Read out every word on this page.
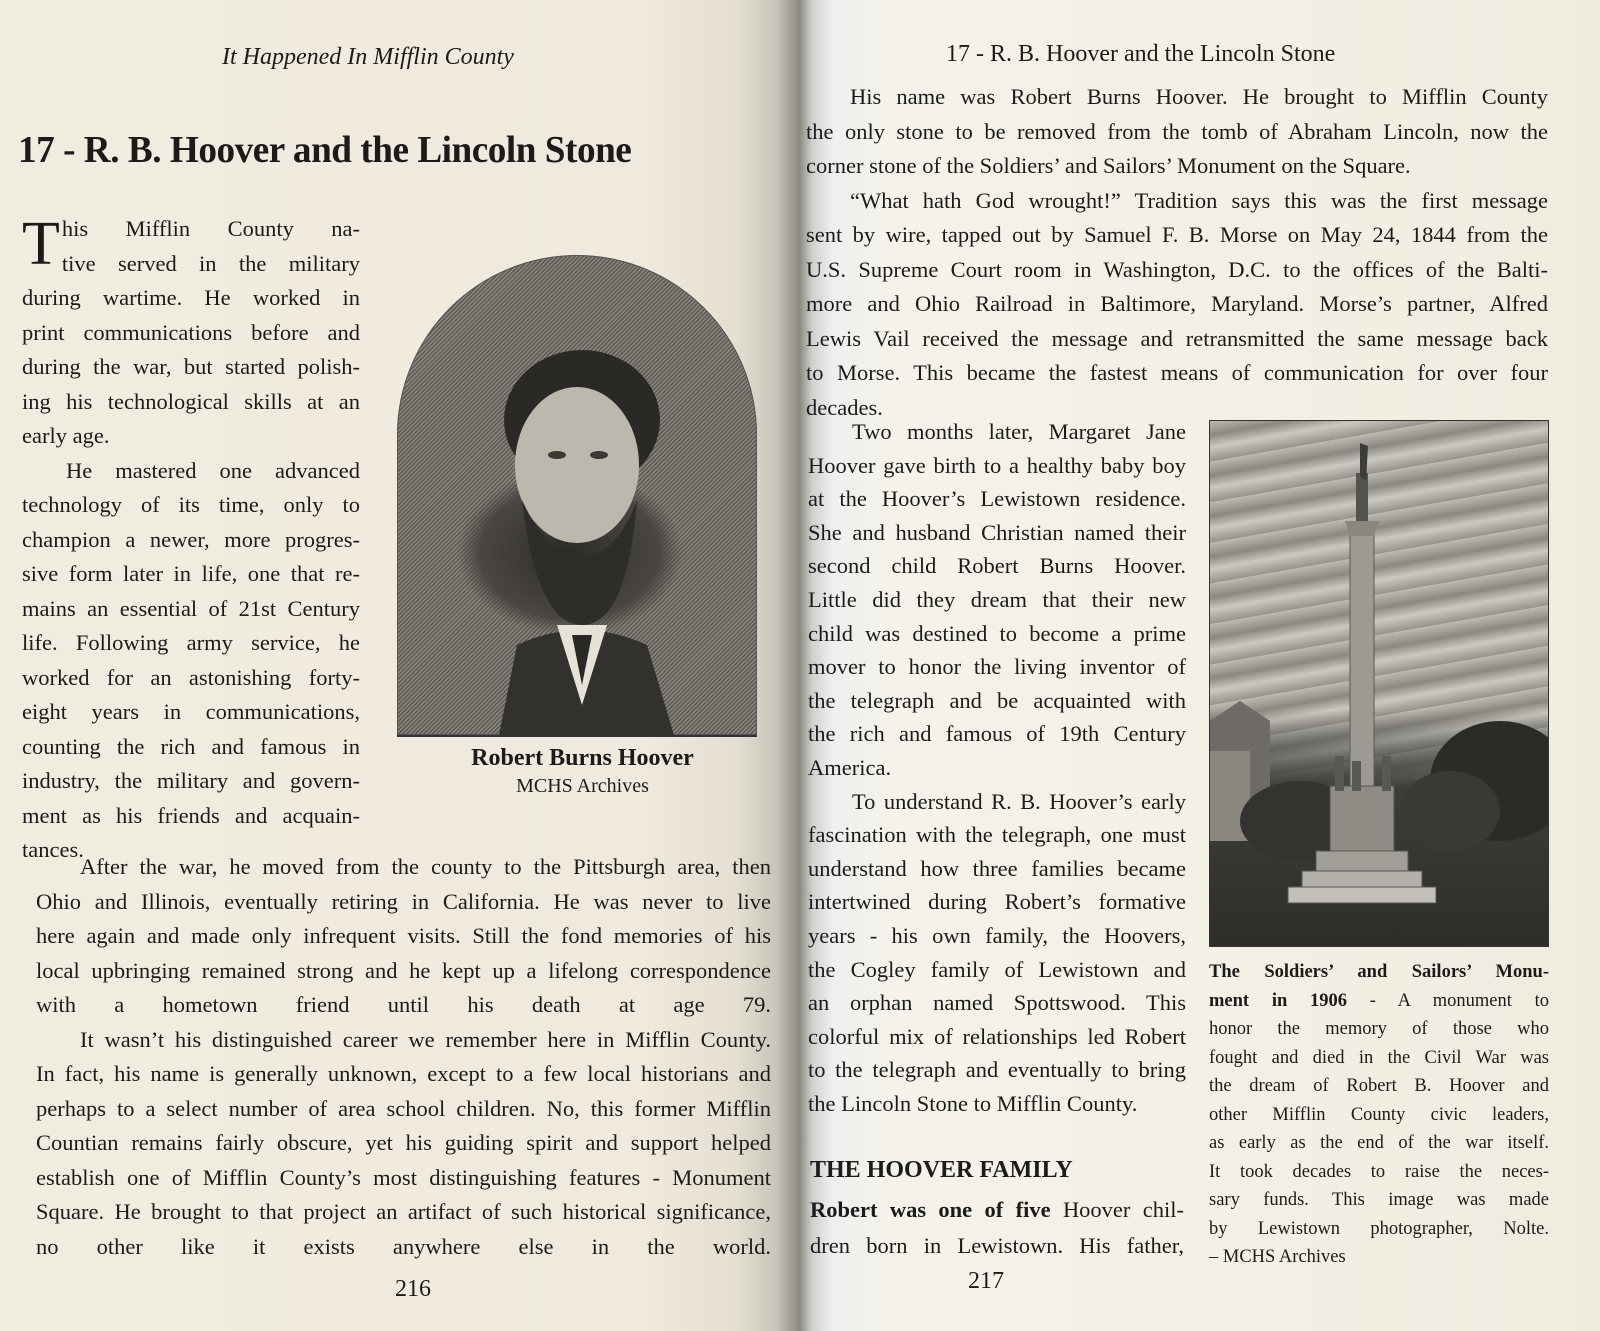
It Happened In Mifflin County
17 - R. B. Hoover and the Lincoln Stone

T his Mifflin County na-
tive served in the military
during wartime. He worked in
print communications before and
during the war, but started polish-
ing his technological skills at an
early age.

He mastered one advanced
technology of its time, only to
champion a newer, more progres-
sive form later in life, one that re-
mains an essential of 21st Century
life. Following army service, he
worked for an astonishing forty-
eight years in communications,
counting the rich and famous in
industry, the military and govern-
ment as his friends and acquain-
tances.

Robert Burns Hoover
MCHS Archives

After the war, he moved from the county to the Pittsburgh area, then
Ohio and Illinois, eventually retiring in California. He was never to live
here again and made only infrequent visits. Still the fond memories of his
local upbringing remained strong and he kept up a lifelong correspondence
with a hometown friend until his death at age 79.

It wasn’t his distinguished career we remember here in Mifflin County.
In fact, his name is generally unknown, except to a few local historians and
perhaps to a select number of area school children. No, this former Mifflin
Countian remains fairly obscure, yet his guiding spirit and support helped
establish one of Mifflin County’s most distinguishing features - Monument
Square. He brought to that project an artifact of such historical significance,
no other like it exists anywhere else in the world.

216
17 - R. B. Hoover and the Lincoln Stone
His name was Robert Burns Hoover. He brought to Mifflin County
the only stone to be removed from the tomb of Abraham Lincoln, now the
corner stone of the Soldiers’ and Sailors’ Monument on the Square.
“What hath God wrought!” Tradition says this was the first message
sent by wire, tapped out by Samuel F. B. Morse on May 24, 1844 from the
U.S. Supreme Court room in Washington, D.C. to the offices of the Balti-
more and Ohio Railroad in Baltimore, Maryland. Morse’s partner, Alfred
Lewis Vail received the message and retransmitted the same message back
to Morse. This became the fastest means of communication for over four
decades.

Two months later, Margaret Jane
Hoover gave birth to a healthy baby boy
at the Hoover’s Lewistown residence.
She and husband Christian named their
second child Robert Burns Hoover.
Little did they dream that their new
child was destined to become a prime
mover to honor the living inventor of
the telegraph and be acquainted with
the rich and famous of 19th Century
America.

To understand R. B. Hoover’s early
fascination with the telegraph, one must
understand how three families became
intertwined during Robert’s formative
years - his own family, the Hoovers,
the Cogley family of Lewistown and
an orphan named Spottswood. This
colorful mix of relationships led Robert
to the telegraph and eventually to bring
the Lincoln Stone to Mifflin County.

The Soldiers’ and Sailors’ Monu-
ment in 1906 - A monument to
honor the memory of those who
fought and died in the Civil War was
the dream of Robert B. Hoover and
other Mifflin County civic leaders,
as early as the end of the war itself.
It took decades to raise the neces-
sary funds. This image was made
by Lewistown photographer, Nolte.
– MCHS Archives
THE HOOVER FAMILY
Robert was one of five Hoover chil-
dren born in Lewistown. His father,
217
